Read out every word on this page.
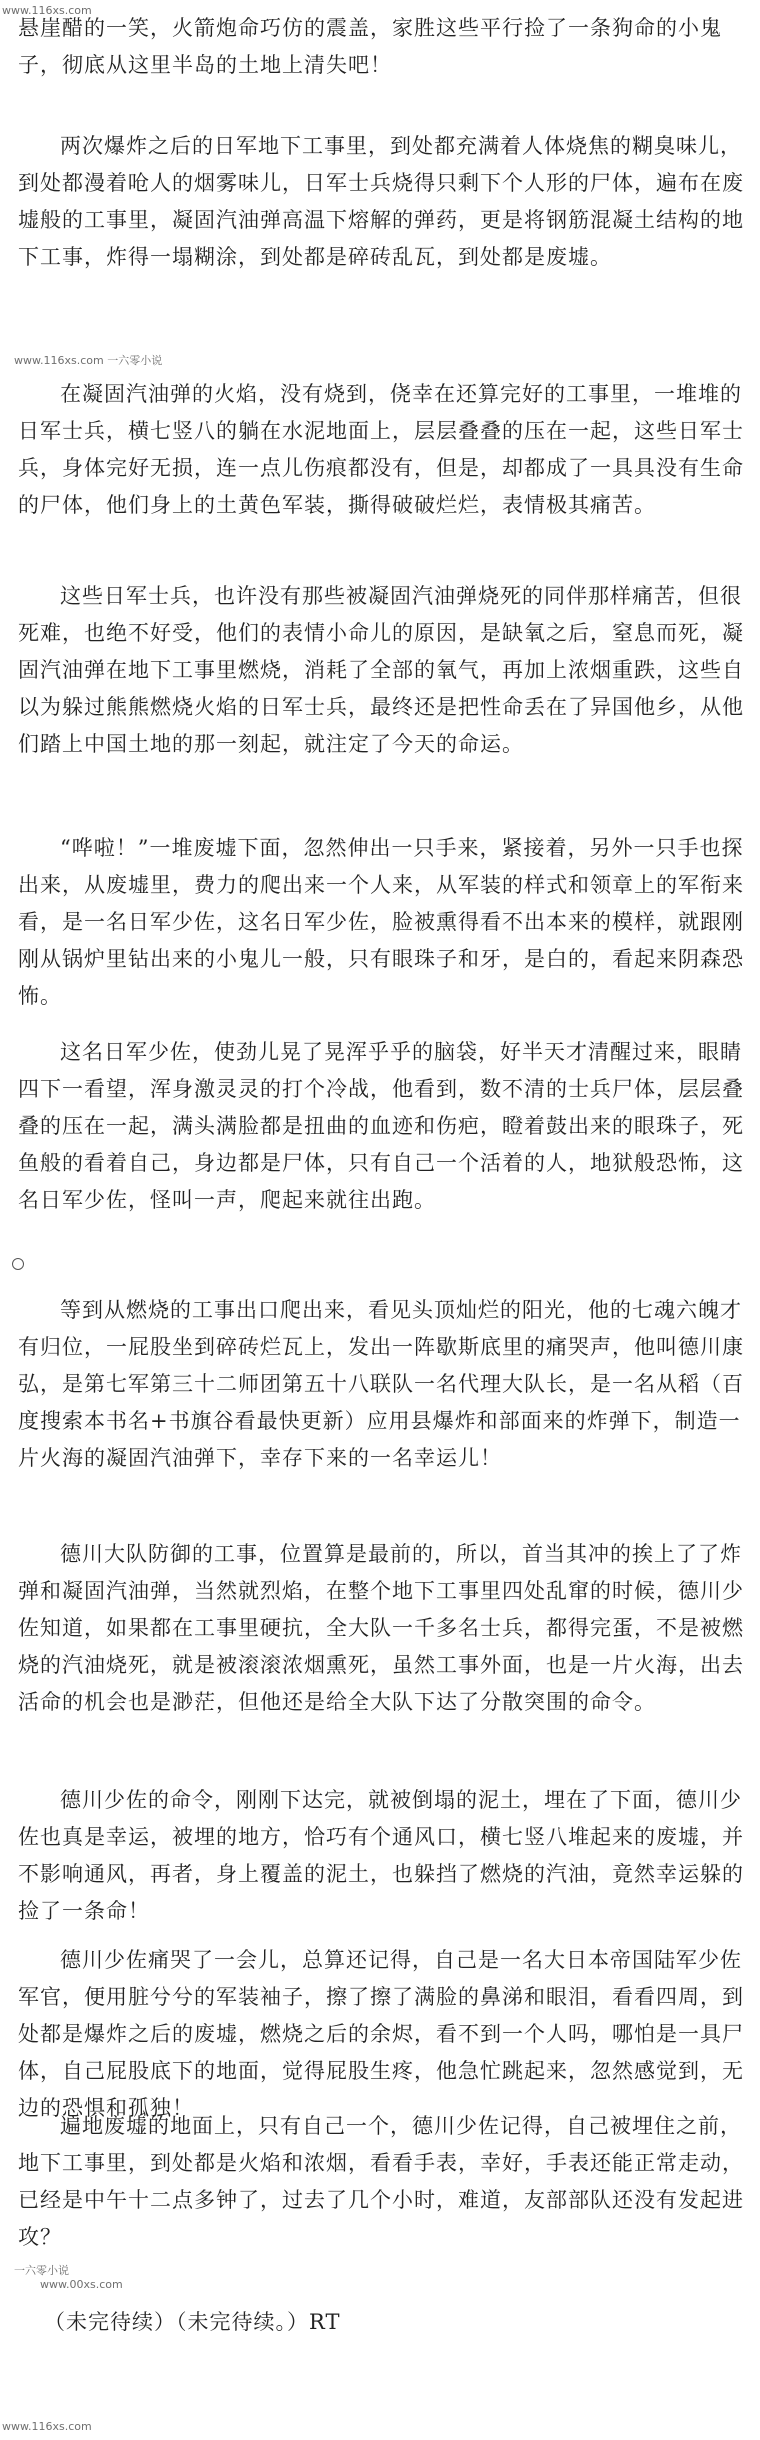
www.116xs.com

悬崖醋的一笑，火箭炮命巧仿的震盖，家胜这些平行捡了一条狗命的小鬼子，彻底从这里半岛的土地上清失吧！

两次爆炸之后的日军地下工事里，到处都充满着人体烧焦的糊臭味儿，到处都漫着呛人的烟雾味儿，日军士兵烧得只剩下个人形的尸体，遍布在废墟般的工事里，凝固汽油弹高温下熔解的弹药，更是将钢筋混凝土结构的地下工事，炸得一塌糊涂，到处都是碎砖乱瓦，到处都是废墟。

www.116xs.com 一六零小说

在凝固汽油弹的火焰，没有烧到，侥幸在还算完好的工事里，一堆堆的日军士兵，横七竖八的躺在水泥地面上，层层叠叠的压在一起，这些日军士兵，身体完好无损，连一点儿伤痕都没有，但是，却都成了一具具没有生命的尸体，他们身上的土黄色军装，撕得破破烂烂，表情极其痛苦。

这些日军士兵，也许没有那些被凝固汽油弹烧死的同伴那样痛苦，但很死难，也绝不好受，他们的表情小命儿的原因，是缺氧之后，窒息而死，凝固汽油弹在地下工事里燃烧，消耗了全部的氧气，再加上浓烟重跌，这些自以为躲过熊熊燃烧火焰的日军士兵，最终还是把性命丢在了异国他乡，从他们踏上中国土地的那一刻起，就注定了今天的命运。

“哗啦！”一堆废墟下面，忽然伸出一只手来，紧接着，另外一只手也探出来，从废墟里，费力的爬出来一个人来，从军装的样式和领章上的军衔来看，是一名日军少佐，这名日军少佐，脸被熏得看不出本来的模样，就跟刚刚从锅炉里钻出来的小鬼儿一般，只有眼珠子和牙，是白的，看起来阴森恐怖。

这名日军少佐，使劲儿晃了晃浑乎乎的脑袋，好半天才清醒过来，眼睛四下一看望，浑身激灵灵的打个冷战，他看到，数不清的士兵尸体，层层叠叠的压在一起，满头满脸都是扭曲的血迹和伤疤，瞪着鼓出来的眼珠子，死鱼般的看着自己，身边都是尸体，只有自己一个活着的人，地狱般恐怖，这名日军少佐，怪叫一声，爬起来就往出跑。

等到从燃烧的工事出口爬出来，看见头顶灿烂的阳光，他的七魂六魄才有归位，一屁股坐到碎砖烂瓦上，发出一阵歇斯底里的痛哭声，他叫德川康弘，是第七军第三十二师团第五十八联队一名代理大队长，是一名从稻（百度搜索本书名+书旗谷看最快更新）应用县爆炸和部面来的炸弹下，制造一片火海的凝固汽油弹下，幸存下来的一名幸运儿！

德川大队防御的工事，位置算是最前的，所以，首当其冲的挨上了了炸弹和凝固汽油弹，当然就烈焰，在整个地下工事里四处乱窜的时候，德川少佐知道，如果都在工事里硬抗，全大队一千多名士兵，都得完蛋，不是被燃烧的汽油烧死，就是被滚滚浓烟熏死，虽然工事外面，也是一片火海，出去活命的机会也是渺茫，但他还是给全大队下达了分散突围的命令。

德川少佐的命令，刚刚下达完，就被倒塌的泥土，埋在了下面，德川少佐也真是幸运，被埋的地方，恰巧有个通风口，横七竖八堆起来的废墟，并不影响通风，再者，身上覆盖的泥土，也躲挡了燃烧的汽油，竟然幸运躲的捡了一条命！

德川少佐痛哭了一会儿，总算还记得，自己是一名大日本帝国陆军少佐军官，便用脏兮兮的军装袖子，擦了擦了满脸的鼻涕和眼泪，看看四周，到处都是爆炸之后的废墟，燃烧之后的余烬，看不到一个人吗，哪怕是一具尸体，自己屁股底下的地面，觉得屁股生疼，他急忙跳起来，忽然感觉到，无边的恐惧和孤独！

遍地废墟的地面上，只有自己一个，德川少佐记得，自己被埋住之前，地下工事里，到处都是火焰和浓烟，看看手表，幸好，手表还能正常走动，已经是中午十二点多钟了，过去了几个小时，难道，友部部队还没有发起进攻？

一六零小说
www.00xs.com
（未完待续）（未完待续。）RT
www.116xs.com
